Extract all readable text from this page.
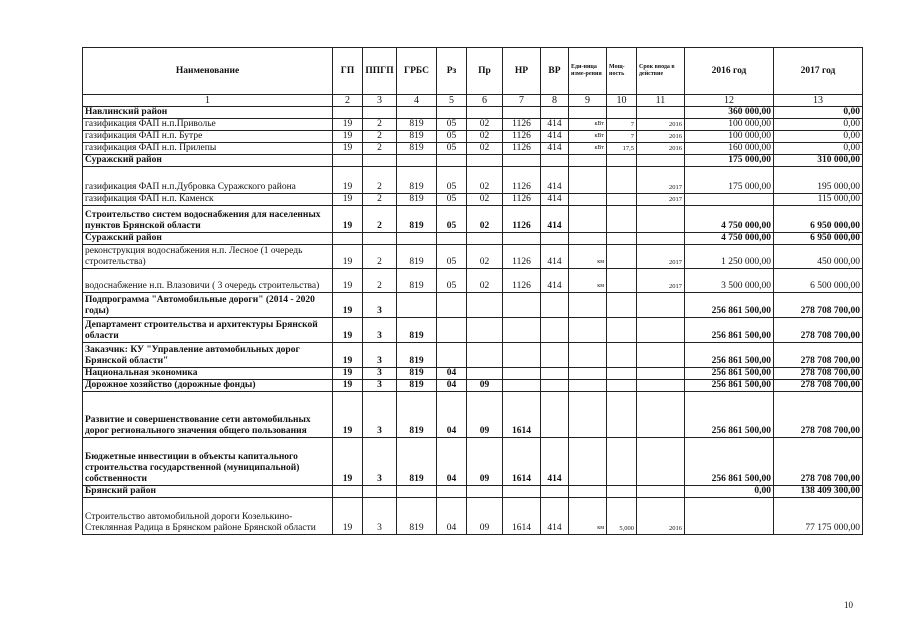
Наименование	ГП	ППГП	ГРБС	Рз	Пр	НР	ВР	Еди-ница изме-рения	Мощ-ность	Срок ввода в действие	2016 год	2017 год
1	2	3	4	5	6	7	8	9	10	11	12	13
Навлинский район											360 000,00	0,00
газификация ФАП н.п.Приволье	19	2	819	05	02	1126	414	кВт	7	2016	100 000,00	0,00
газификация ФАП н.п. Бутре	19	2	819	05	02	1126	414	кВт	7	2016	100 000,00	0,00
газификация ФАП н.п. Прилепы	19	2	819	05	02	1126	414	кВт	17,5	2016	160 000,00	0,00
Суражский район											175 000,00	310 000,00
газификация ФАП н.п.Дубровка Суражского района	19	2	819	05	02	1126	414			2017	175 000,00	195 000,00
газификация ФАП н.п. Каменск	19	2	819	05	02	1126	414			2017		115 000,00
Строительство систем водоснабжения для населенных пунктов Брянской области	19	2	819	05	02	1126	414				4 750 000,00	6 950 000,00
Суражский район											4 750 000,00	6 950 000,00
реконструкция водоснабжения н.п. Лесное (1 очередь строительства)	19	2	819	05	02	1126	414	км		2017	1 250 000,00	450 000,00
водоснабжение н.п. Влазовичи ( 3 очередь строительства)	19	2	819	05	02	1126	414	км		2017	3 500 000,00	6 500 000,00
Подпрограмма "Автомобильные дороги" (2014 - 2020 годы)	19	3									256 861 500,00	278 708 700,00
Департамент строительства и архитектуры Брянской области	19	3	819								256 861 500,00	278 708 700,00
Заказчик: КУ "Управление автомобильных дорог Брянской области"	19	3	819								256 861 500,00	278 708 700,00
Национальная экономика	19	3	819	04							256 861 500,00	278 708 700,00
Дорожное хозяйство (дорожные фонды)	19	3	819	04	09						256 861 500,00	278 708 700,00
Развитие и совершенствование сети автомобильных дорог регионального значения общего пользования	19	3	819	04	09	1614					256 861 500,00	278 708 700,00
Бюджетные инвестиции в объекты капитального строительства государственной (муниципальной) собственности	19	3	819	04	09	1614	414				256 861 500,00	278 708 700,00
Брянский район											0,00	138 409 300,00
Строительство автомобильной дороги Козелькино-Стеклянная Радица в Брянском районе Брянской области	19	3	819	04	09	1614	414	км	5,000	2016		77 175 000,00
10
